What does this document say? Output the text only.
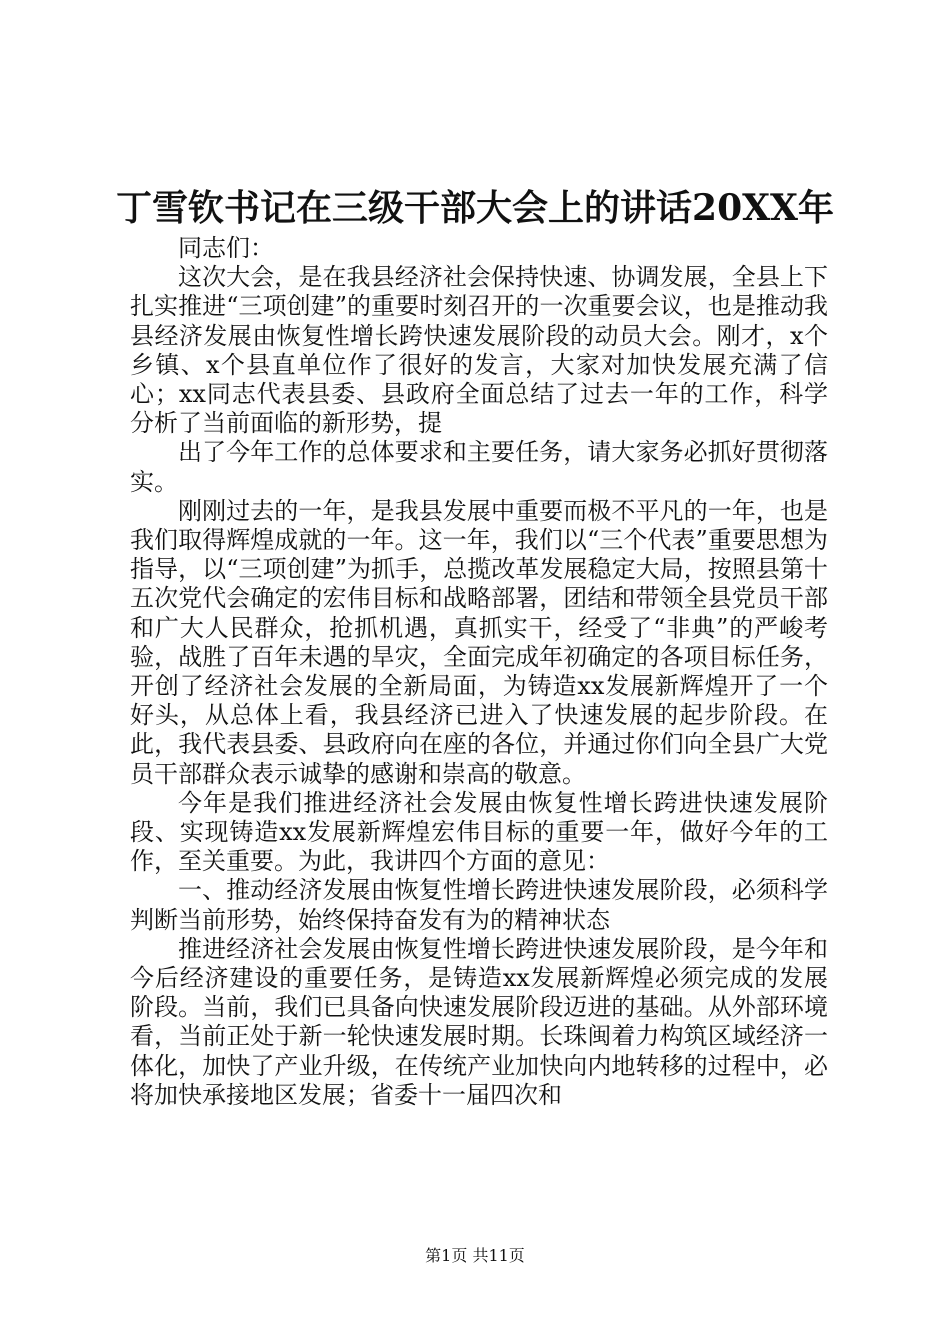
丁雪钦书记在三级干部大会上的讲话20XX年

同志们：

这次大会，是在我县经济社会保持快速、协调发展，全县上下扎实推进“三项创建”的重要时刻召开的一次重要会议，也是推动我县经济发展由恢复性增长跨快速发展阶段的动员大会。刚才，x个乡镇、x个县直单位作了很好的发言，大家对加快发展充满了信心；xx同志代表县委、县政府全面总结了过去一年的工作，科学分析了当前面临的新形势，提

出了今年工作的总体要求和主要任务，请大家务必抓好贯彻落实。

刚刚过去的一年，是我县发展中重要而极不平凡的一年，也是我们取得辉煌成就的一年。这一年，我们以“三个代表”重要思想为指导，以“三项创建”为抓手，总揽改革发展稳定大局，按照县第十五次党代会确定的宏伟目标和战略部署，团结和带领全县党员干部和广大人民群众，抢抓机遇，真抓实干，经受了“非典”的严峻考验，战胜了百年未遇的旱灾，全面完成年初确定的各项目标任务，开创了经济社会发展的全新局面，为铸造xx发展新辉煌开了一个好头，从总体上看，我县经济已进入了快速发展的起步阶段。在此，我代表县委、县政府向在座的各位，并通过你们向全县广大党员干部群众表示诚挚的感谢和崇高的敬意。

今年是我们推进经济社会发展由恢复性增长跨进快速发展阶段、实现铸造xx发展新辉煌宏伟目标的重要一年，做好今年的工作，至关重要。为此，我讲四个方面的意见：

一、推动经济发展由恢复性增长跨进快速发展阶段，必须科学判断当前形势，始终保持奋发有为的精神状态

推进经济社会发展由恢复性增长跨进快速发展阶段，是今年和今后经济建设的重要任务，是铸造xx发展新辉煌必须完成的发展阶段。当前，我们已具备向快速发展阶段迈进的基础。从外部环境看，当前正处于新一轮快速发展时期。长珠闽着力构筑区域经济一体化，加快了产业升级，在传统产业加快向内地转移的过程中，必将加快承接地区发展；省委十一届四次和

第1页 共11页
